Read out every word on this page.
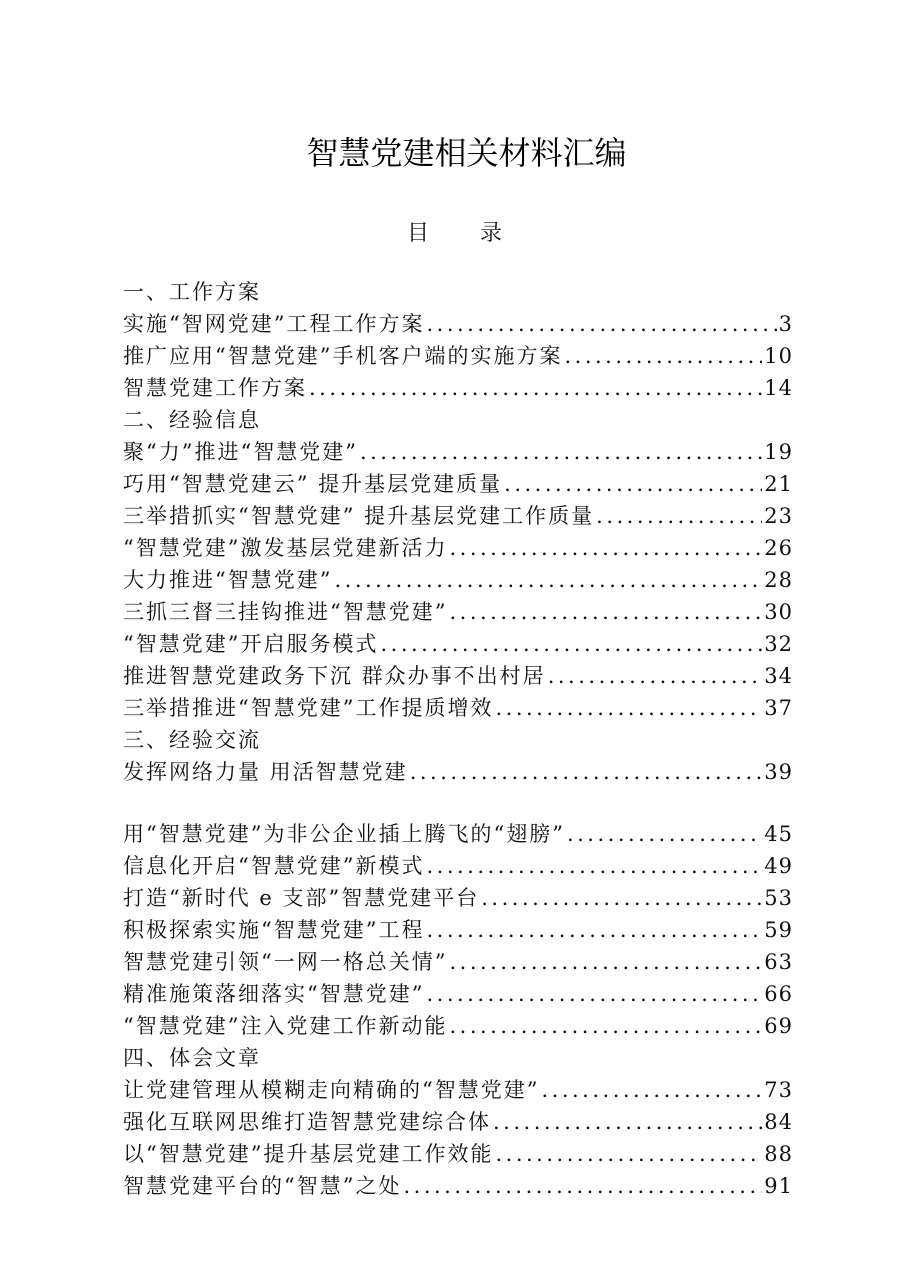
智慧党建相关材料汇编
目 录
一、工作方案
实施“智网党建”工程工作方案 .....	3
推广应用“智慧党建”手机客户端的实施方案 .....	10
智慧党建工作方案 .....	14
二、经验信息
聚“力”推进“智慧党建” .....	19
巧用“智慧党建云” 提升基层党建质量 .....	21
三举措抓实“智慧党建” 提升基层党建工作质量 .....	23
“智慧党建”激发基层党建新活力 .....	26
大力推进“智慧党建” .....	28
三抓三督三挂钩推进“智慧党建” .....	30
“智慧党建”开启服务模式 .....	32
推进智慧党建政务下沉 群众办事不出村居 .....	34
三举措推进“智慧党建”工作提质增效 .....	37
三、经验交流
发挥网络力量 用活智慧党建 .....	39
用“智慧党建”为非公企业插上腾飞的“翅膀” .....	45
信息化开启“智慧党建”新模式 .....	49
打造“新时代 e 支部”智慧党建平台 .....	53
积极探索实施“智慧党建”工程 .....	59
智慧党建引领“一网一格总关情” .....	63
精准施策落细落实“智慧党建” .....	66
“智慧党建”注入党建工作新动能 .....	69
四、体会文章
让党建管理从模糊走向精确的“智慧党建” .....	73
强化互联网思维打造智慧党建综合体 .....	84
以“智慧党建”提升基层党建工作效能 .....	88
智慧党建平台的“智慧”之处 .....	91
